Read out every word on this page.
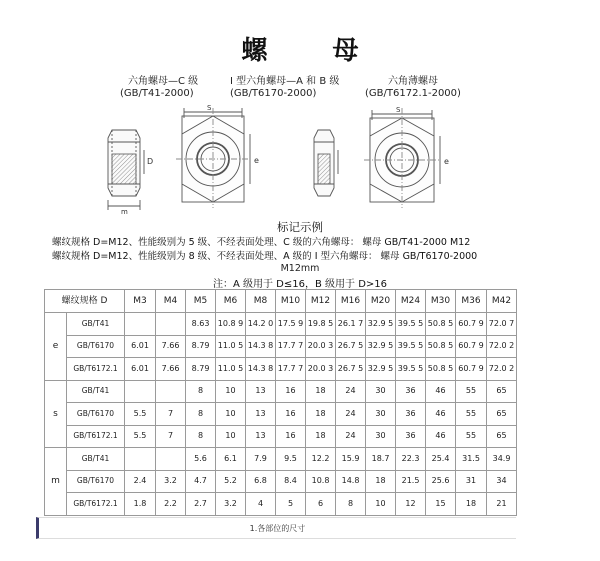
螺 母
六角螺母—C 级
(GB/T41-2000)
I 型六角螺母—A 和 B 级
(GB/T6170-2000)
六角薄螺母
(GB/T6172.1-2000)
D
m
S
e
S
e
标记示例
螺纹规格 D=M12、性能级别为 5 级、不经表面处理、C 级的六角螺母： 螺母 GB/T41-2000 M12
螺纹规格 D=M12、性能级别为 8 级、不经表面处理、A 级的 I 型六角螺母： 螺母 GB/T6170-2000
M12mm
注：A 级用于 D≤16，B 级用于 D>16
螺纹规格 D		M3	M4	M5	M6	M8	M10	M12	M16	M20	M24	M30	M36	M42
e	GB/T41			8.63	10.8 9	14.2 0	17.5 9	19.8 5	26.1 7	32.9 5	39.5 5	50.8 5	60.7 9	72.0 7
	GB/T6170	6.01	7.66	8.79	11.0 5	14.3 8	17.7 7	20.0 3	26.7 5	32.9 5	39.5 5	50.8 5	60.7 9	72.0 2
	GB/T6172.1	6.01	7.66	8.79	11.0 5	14.3 8	17.7 7	20.0 3	26.7 5	32.9 5	39.5 5	50.8 5	60.7 9	72.0 2
s	GB/T41			8	10	13	16	18	24	30	36	46	55	65
	GB/T6170	5.5	7	8	10	13	16	18	24	30	36	46	55	65
	GB/T6172.1	5.5	7	8	10	13	16	18	24	30	36	46	55	65
m	GB/T41			5.6	6.1	7.9	9.5	12.2	15.9	18.7	22.3	25.4	31.5	34.9
	GB/T6170	2.4	3.2	4.7	5.2	6.8	8.4	10.8	14.8	18	21.5	25.6	31	34
	GB/T6172.1	1.8	2.2	2.7	3.2	4	5	6	8	10	12	15	18	21
1.各部位的尺寸
